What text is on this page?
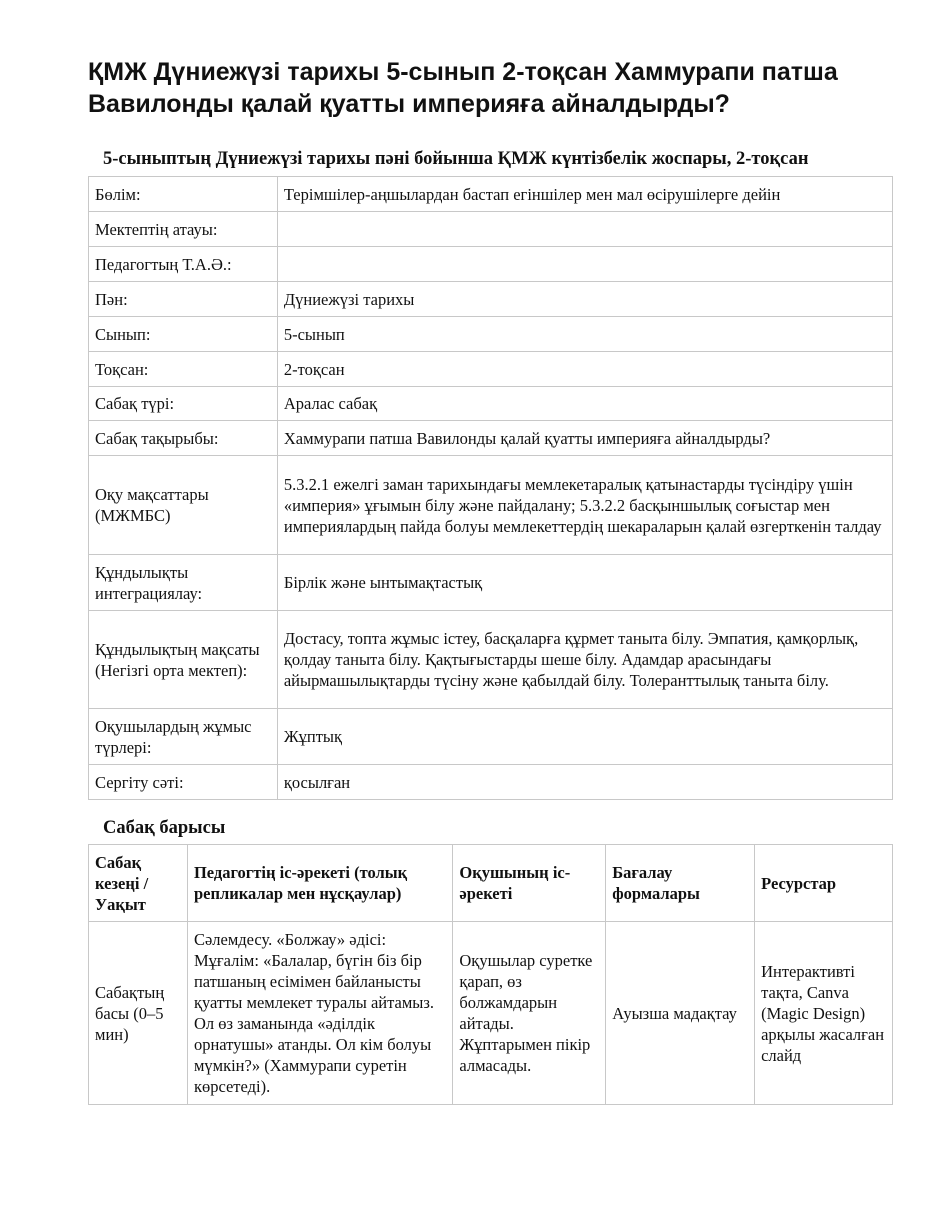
ҚМЖ Дүниежүзі тарихы 5-сынып 2-тоқсан Хаммурапи патша Вавилонды қалай қуатты империяға айналдырды?
5-сыныптың Дүниежүзі тарихы пәні бойынша ҚМЖ күнтізбелік жоспары, 2-тоқсан
Бөлім:	Терімшілер-аңшылардан бастап егіншілер мен мал өсірушілерге дейін
Мектептің атауы:	
Педагогтың Т.А.Ә.:	
Пән:	Дүниежүзі тарихы
Сынып:	5-сынып
Тоқсан:	2-тоқсан
Сабақ түрі:	Аралас сабақ
Сабақ тақырыбы:	Хаммурапи патша Вавилонды қалай қуатты империяға айналдырды?
Оқу мақсаттары (МЖМБС)	5.3.2.1 ежелгі заман тарихындағы мемлекетаралық қатынастарды түсіндіру үшін «империя» ұғымын білу және пайдалану; 5.3.2.2 басқыншылық соғыстар мен империялардың пайда болуы мемлекеттердің шекараларын қалай өзгерткенін талдау
Құндылықты интеграциялау:	Бірлік және ынтымақтастық
Құндылықтың мақсаты (Негізгі орта мектеп):	Достасу, топта жұмыс істеу, басқаларға құрмет таныта білу. Эмпатия, қамқорлық, қолдау таныта білу. Қақтығыстарды шеше білу. Адамдар арасындағы айырмашылықтарды түсіну және қабылдай білу. Толеранттылық таныта білу.
Оқушылардың жұмыс түрлері:	Жұптық
Сергіту сәті:	қосылған
Сабақ барысы
Сабақ кезеңі / Уақыт	Педагогтің іс-әрекеті (толық репликалар мен нұсқаулар)	Оқушының іс-әрекеті	Бағалау формалары	Ресурстар
Сабақтың басы (0–5 мин)	Сәлемдесу. «Болжау» әдісі: Мұғалім: «Балалар, бүгін біз бір патшаның есімімен байланысты қуатты мемлекет туралы айтамыз. Ол өз заманында «әділдік орнатушы» атанды. Ол кім болуы мүмкін?» (Хаммурапи суретін көрсетеді).	Оқушылар суретке қарап, өз болжамдарын айтады. Жұптарымен пікір алмасады.	Ауызша мадақтау	Интерактивті тақта, Canva (Magic Design) арқылы жасалған слайд
